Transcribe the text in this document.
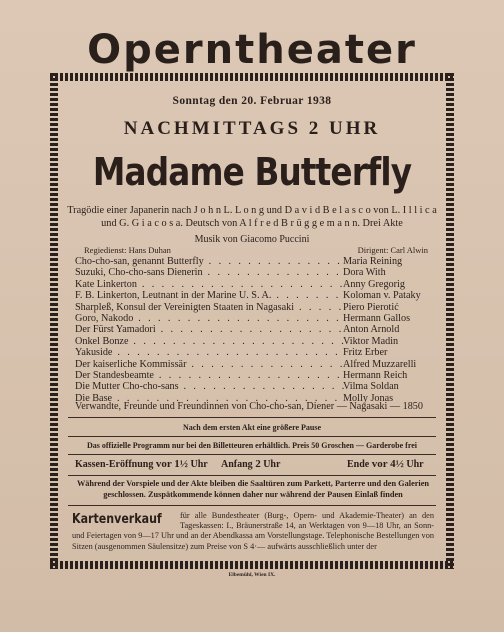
Operntheater
Sonntag den 20. Februar 1938
NACHMITTAGS 2 UHR
Madame Butterfly
Tragödie einer Japanerin nach J o h n L. L o n g und D a v i d B e l a s c o von L. I l l i c a und G. G i a c o s a. Deutsch von A l f r e d B r ü g g e m a n n. Drei Akte
Musik von Giacomo Puccini
Regiedienst: Hans Duhan	Dirigent: Carl Alwin
Cho-cho-san, genannt Butterfly . . .	Maria Reining
Suzuki, Cho-cho-sans Dienerin . . .	Dora With
Kate Linkerton . . .	Anny Gregorig
F. B. Linkerton, Leutnant in der Marine U. S. A. . . .	Koloman v. Pataky
Sharpleß, Konsul der Vereinigten Staaten in Nagasaki . . .	Piero Pierotić
Goro, Nakodo . . .	Hermann Gallos
Der Fürst Yamadori . . .	Anton Arnold
Onkel Bonze . . .	Viktor Madin
Yakuside . . .	Fritz Erber
Der kaiserliche Kommissär . . .	Alfred Muzzarelli
Der Standesbeamte . . .	Hermann Reich
Die Mutter Cho-cho-sans . . .	Vilma Soldan
Die Base . . .	Molly Jonas
Verwandte, Freunde und Freundinnen von Cho-cho-san, Diener — Nagasaki — 1850
Nach dem ersten Akt eine größere Pause
Das offizielle Programm nur bei den Billetteuren erhältlich. Preis 50 Groschen — Garderobe frei
Kassen-Eröffnung vor 1½ Uhr Anfang 2 Uhr	Ende vor 4½ Uhr
Während der Vorspiele und der Akte bleiben die Saaltüren zum Parkett, Parterre und den Galerien geschlossen. Zuspätkommende können daher nur während der Pausen Einlaß finden
Kartenverkauf für alle Bundestheater (Burg-, Opern- und Akademie-Theater) an den Tageskassen: I., Bräunerstraße 14, an Werktagen von 9—18 Uhr, an Sonn- und Feiertagen von 9—17 Uhr und an der Abendkassa am Vorstellungstage. Telephonische Bestellungen von Sitzen (ausgenommen Säulensitze) zum Preise von S 4·— aufwärts ausschließlich unter der
Elbemühl, Wien IX.
